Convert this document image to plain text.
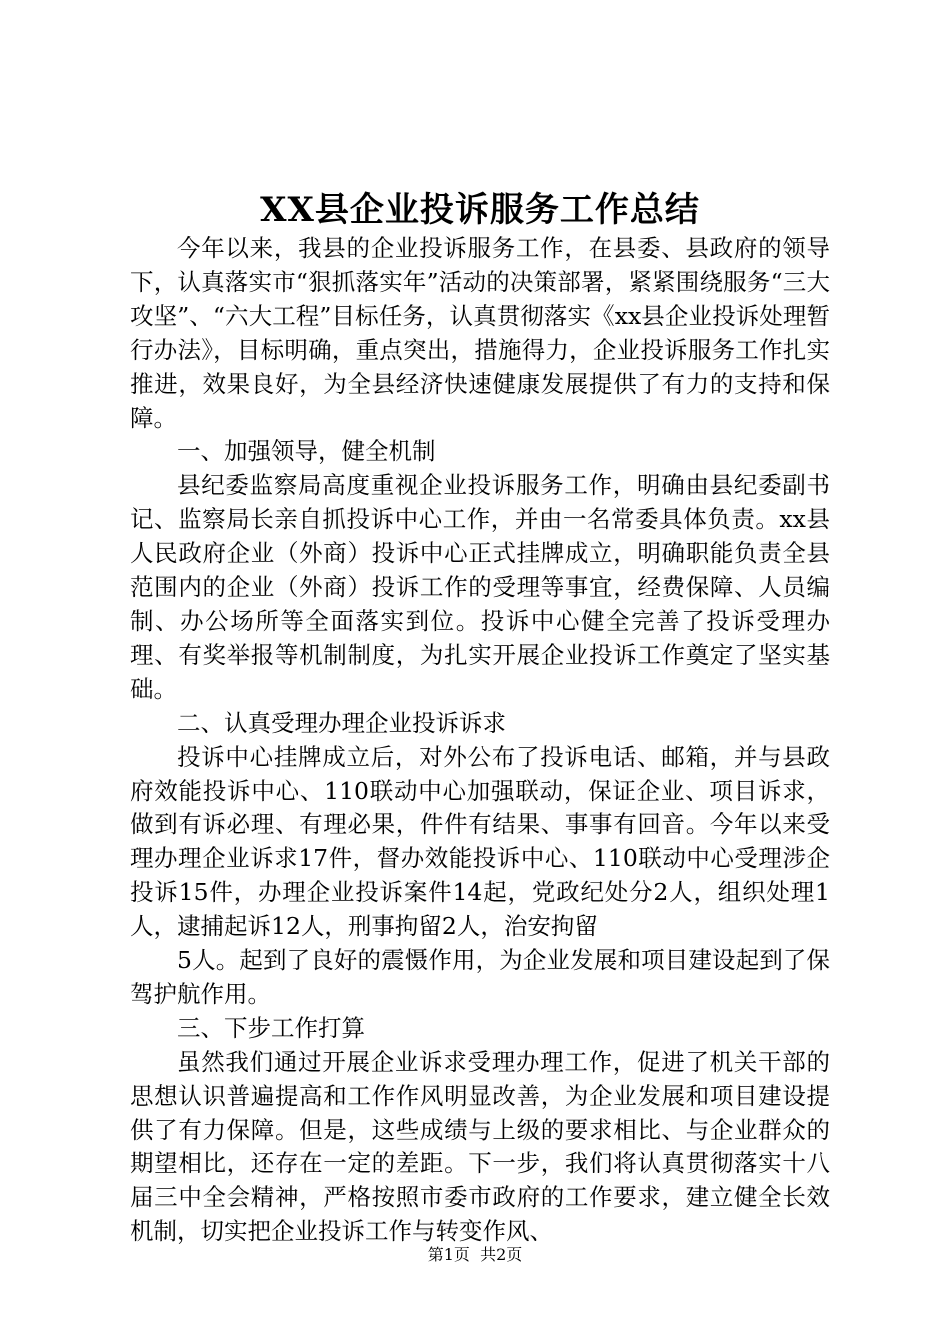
XX县企业投诉服务工作总结

今年以来，我县的企业投诉服务工作，在县委、县政府的领导下，认真落实市“狠抓落实年”活动的决策部署，紧紧围绕服务“三大攻坚”、“六大工程”目标任务，认真贯彻落实《xx县企业投诉处理暂行办法》，目标明确，重点突出，措施得力，企业投诉服务工作扎实推进，效果良好，为全县经济快速健康发展提供了有力的支持和保障。

一、加强领导，健全机制

县纪委监察局高度重视企业投诉服务工作，明确由县纪委副书记、监察局长亲自抓投诉中心工作，并由一名常委具体负责。xx县人民政府企业（外商）投诉中心正式挂牌成立，明确职能负责全县范围内的企业（外商）投诉工作的受理等事宜，经费保障、人员编制、办公场所等全面落实到位。投诉中心健全完善了投诉受理办理、有奖举报等机制制度，为扎实开展企业投诉工作奠定了坚实基础。

二、认真受理办理企业投诉诉求

投诉中心挂牌成立后，对外公布了投诉电话、邮箱，并与县政府效能投诉中心、110联动中心加强联动，保证企业、项目诉求，做到有诉必理、有理必果，件件有结果、事事有回音。今年以来受理办理企业诉求17件，督办效能投诉中心、110联动中心受理涉企投诉15件，办理企业投诉案件14起，党政纪处分2人，组织处理1人，逮捕起诉12人，刑事拘留2人，治安拘留

5人。起到了良好的震慑作用，为企业发展和项目建设起到了保驾护航作用。

三、下步工作打算

虽然我们通过开展企业诉求受理办理工作，促进了机关干部的思想认识普遍提高和工作作风明显改善，为企业发展和项目建设提供了有力保障。但是，这些成绩与上级的要求相比、与企业群众的期望相比，还存在一定的差距。下一步，我们将认真贯彻落实十八届三中全会精神，严格按照市委市政府的工作要求，建立健全长效机制，切实把企业投诉工作与转变作风、

第1页 共2页
